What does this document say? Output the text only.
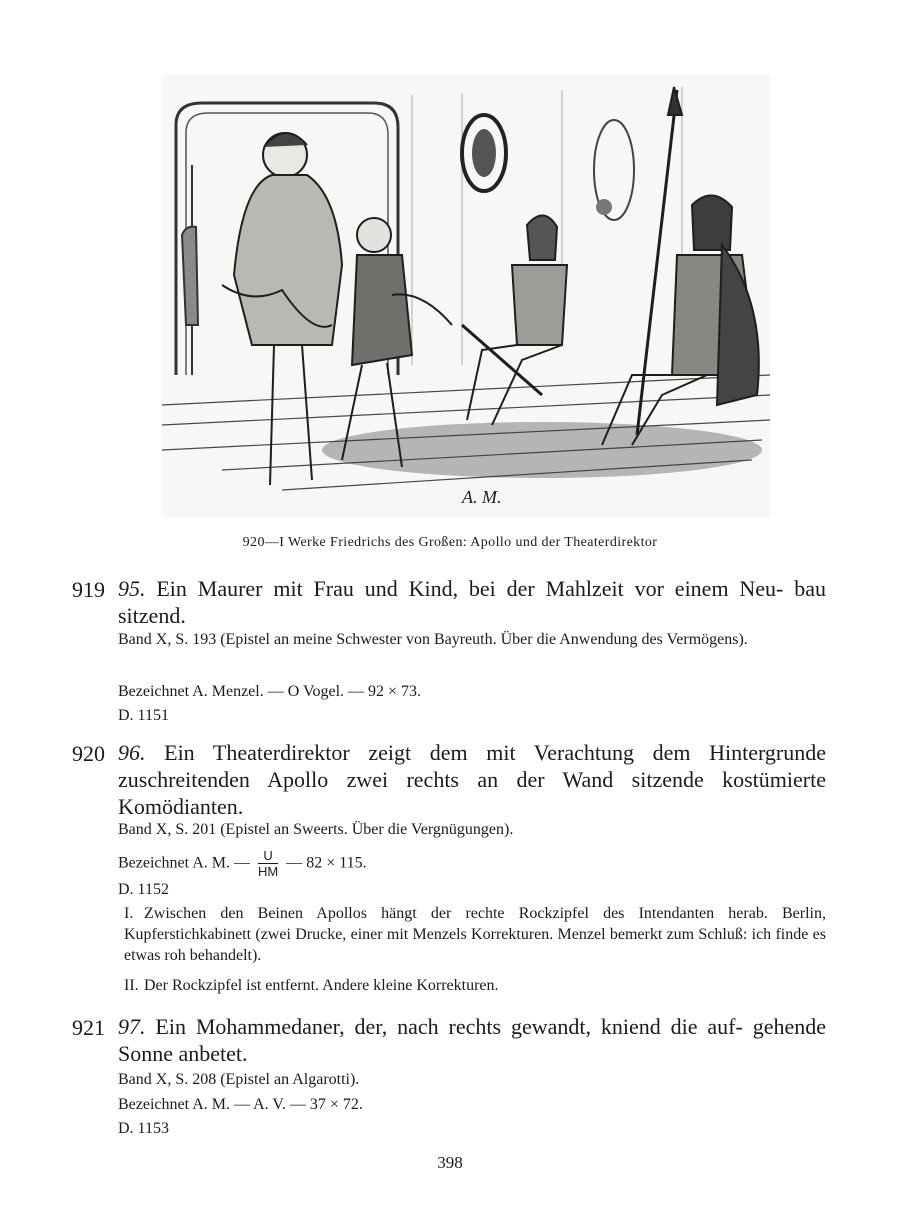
A. M.
920—I Werke Friedrichs des Großen: Apollo und der Theaterdirektor
919 95. Ein Maurer mit Frau und Kind, bei der Mahlzeit vor einem Neu- bau sitzend.
Band X, S. 193 (Epistel an meine Schwester von Bayreuth. Über die Anwendung des Vermögens).
Bezeichnet A. Menzel. — O Vogel. — 92 × 73.
D. 1151
920 96. Ein Theaterdirektor zeigt dem mit Verachtung dem Hintergrunde zuschreitenden Apollo zwei rechts an der Wand sitzende kostümierte Komödianten.
Band X, S. 201 (Epistel an Sweerts. Über die Vergnügungen).
Bezeichnet A. M. — $\frac{U}{HM}$ — 82 × 115.
D. 1152
I. Zwischen den Beinen Apollos hängt der rechte Rockzipfel des Intendanten herab. Berlin, Kupferstichkabinett (zwei Drucke, einer mit Menzels Korrekturen. Menzel bemerkt zum Schluß: ich finde es etwas roh behandelt).
II. Der Rockzipfel ist entfernt. Andere kleine Korrekturen.
921 97. Ein Mohammedaner, der, nach rechts gewandt, kniend die auf- gehende Sonne anbetet.
Band X, S. 208 (Epistel an Algarotti).
Bezeichnet A. M. — A. V. — 37 × 72.
D. 1153
398
